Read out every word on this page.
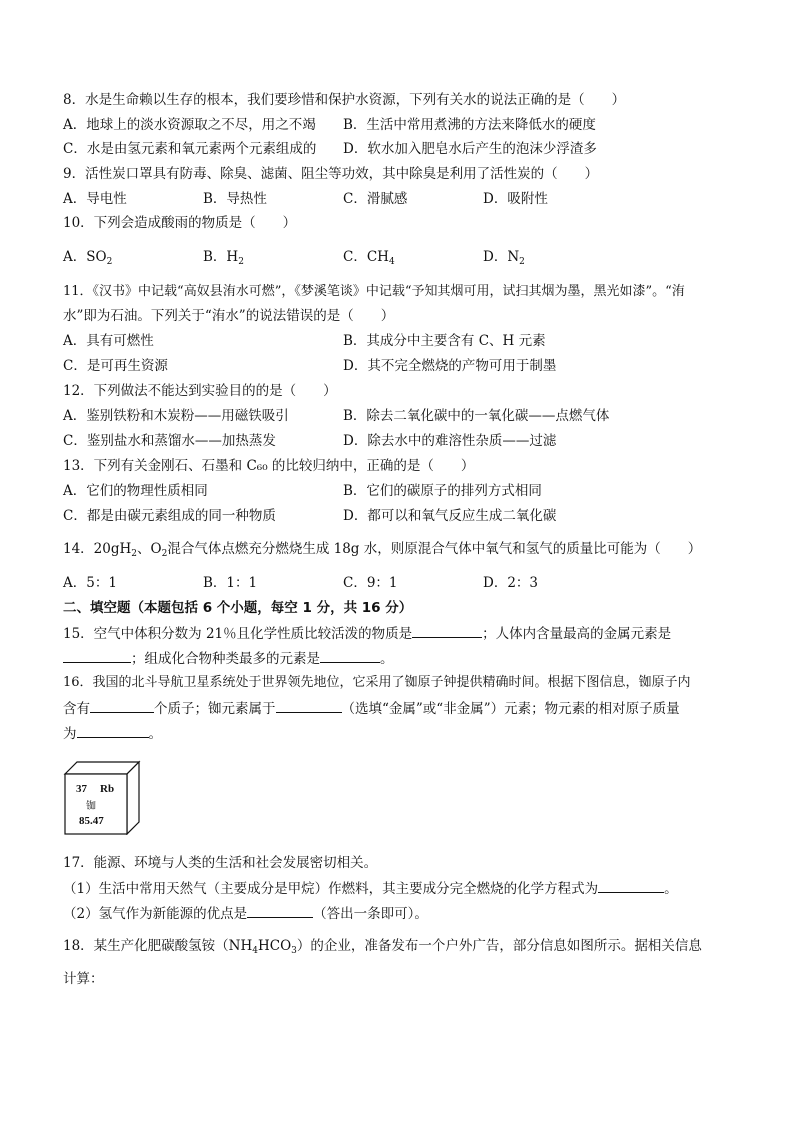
8．水是生命赖以生存的根本，我们要珍惜和保护水资源，下列有关水的说法正确的是（　　）
A．地球上的淡水资源取之不尽，用之不竭 B．生活中常用煮沸的方法来降低水的硬度
C．水是由氢元素和氧元素两个元素组成的 D．软水加入肥皂水后产生的泡沫少浮渣多
9．活性炭口罩具有防毒、除臭、滤菌、阻尘等功效，其中除臭是利用了活性炭的（　　）
A．导电性	B．导热性	C．滑腻感	D．吸附性
10．下列会造成酸雨的物质是（　　）
A．$SO_2$	B．$H_2$	C．$CH_4$	D．$N_2$
11．《汉书》中记载“高奴县洧水可燃”，《梦溪笔谈》中记载“予知其烟可用，试扫其烟为墨，黑光如漆”。“洧
水”即为石油。下列关于“洧水”的说法错误的是（　　）
A．具有可燃性	B．其成分中主要含有 C、H 元素
C．是可再生资源	D．其不完全燃烧的产物可用于制墨
12．下列做法不能达到实验目的的是（　　）
A．鉴别铁粉和木炭粉——用磁铁吸引	B．除去二氧化碳中的一氧化碳——点燃气体
C．鉴别盐水和蒸馏水——加热蒸发	D．除去水中的难溶性杂质——过滤
13．下列有关金刚石、石墨和 C₆₀ 的比较归纳中，正确的是（　　）
A．它们的物理性质相同	B．它们的碳原子的排列方式相同
C．都是由碳元素组成的同一种物质	D．都可以和氧气反应生成二氧化碳
14．$20gH_2$、$O_2$混合气体点燃充分燃烧生成 18g 水，则原混合气体中氧气和氢气的质量比可能为（　　）
A．5：1	B．1：1	C．9：1	D．2：3
二、填空题（本题包括 6 个小题，每空 1 分，共 16 分）
15．空气中体积分数为 21％且化学性质比较活泼的物质是	；人体内含量最高的金属元素是
；组成化合物种类最多的元素是	。
16．我国的北斗导航卫星系统处于世界领先地位，它采用了铷原子钟提供精确时间。根据下图信息，铷原子内
含有	个质子；铷元素属于	（选填“金属”或“非金属”）元素；物元素的相对原子质量
为	。
37 Rb
铷
85.47
17．能源、环境与人类的生活和社会发展密切相关。
（1）生活中常用天然气（主要成分是甲烷）作燃料，其主要成分完全燃烧的化学方程式为	。
（2）氢气作为新能源的优点是	（答出一条即可）。
18．某生产化肥碳酸氢铵$(NH_4HCO_3)$的企业，准备发布一个户外广告，部分信息如图所示。据相关信息
计算：
